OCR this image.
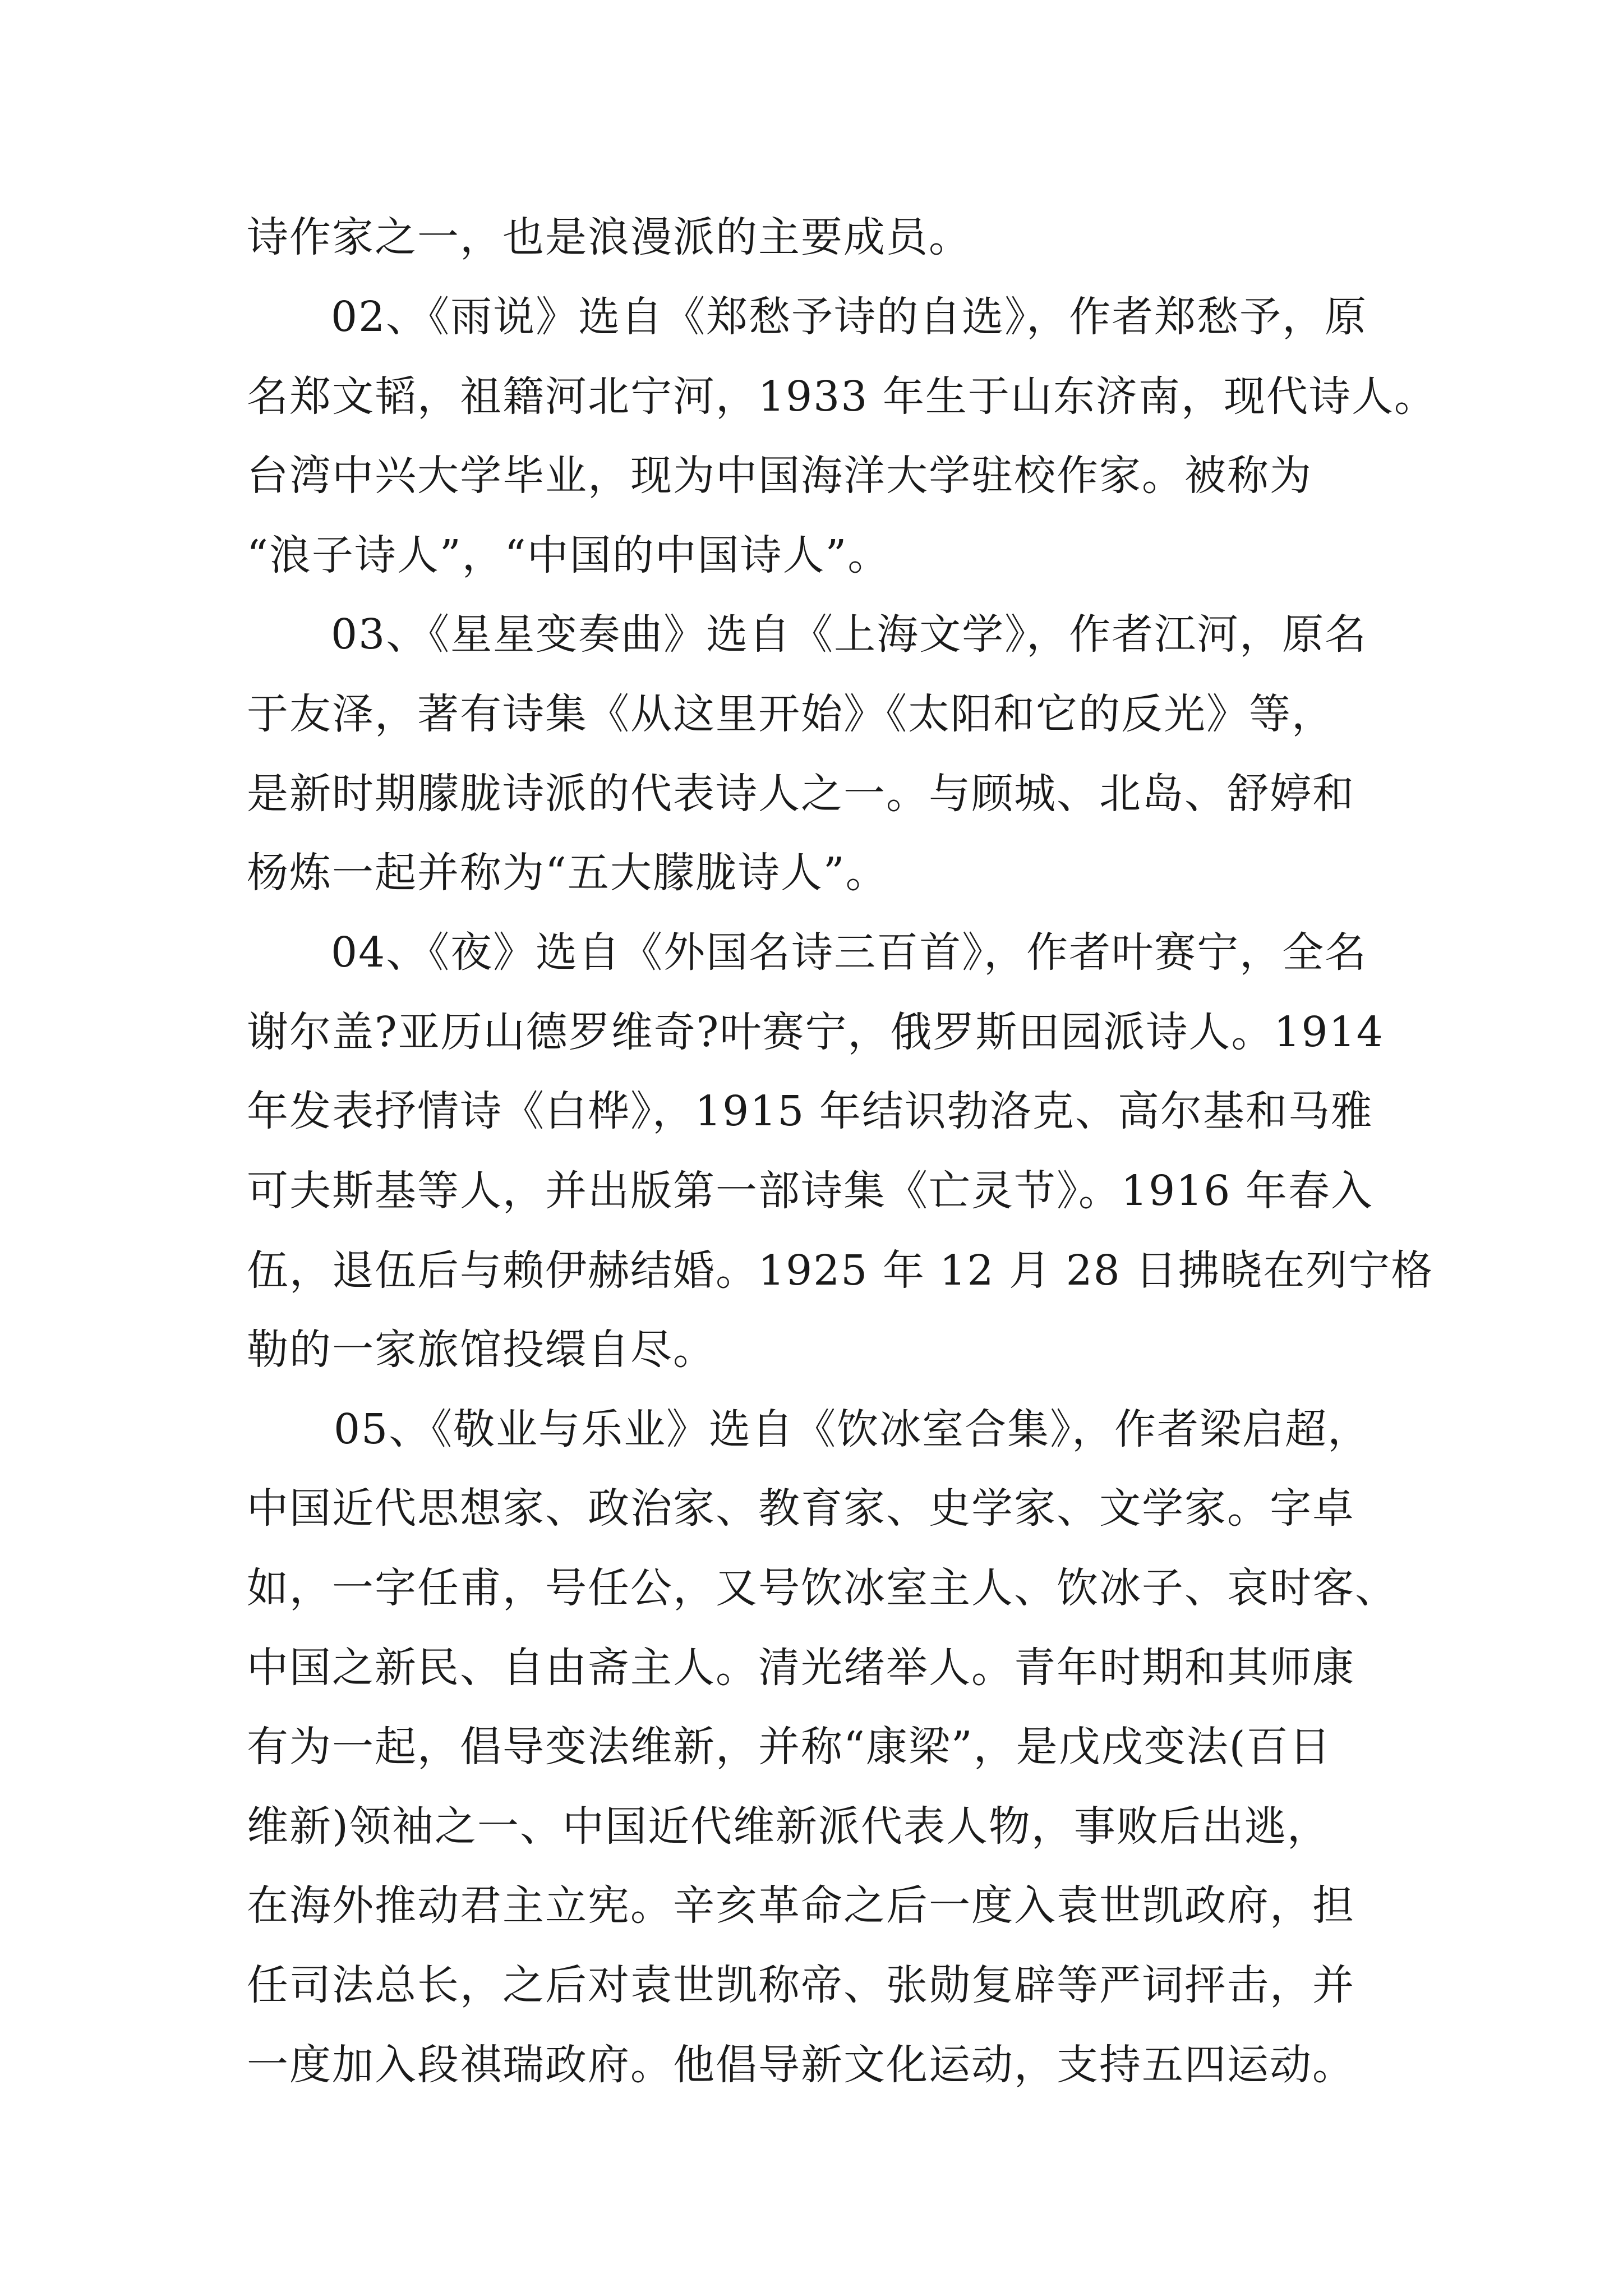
诗作家之一，也是浪漫派的主要成员。
02、《雨说》选自《郑愁予诗的自选》，作者郑愁予，原
名郑文韬，祖籍河北宁河，1933 年生于山东济南，现代诗人。
台湾中兴大学毕业，现为中国海洋大学驻校作家。被称为
“浪子诗人”，“中国的中国诗人”。
03、《星星变奏曲》选自《上海文学》，作者江河，原名
于友泽，著有诗集《从这里开始》《太阳和它的反光》等，
是新时期朦胧诗派的代表诗人之一。与顾城、北岛、舒婷和
杨炼一起并称为“五大朦胧诗人”。
04、《夜》选自《外国名诗三百首》，作者叶赛宁，全名
谢尔盖?亚历山德罗维奇?叶赛宁，俄罗斯田园派诗人。1914
年发表抒情诗《白桦》，1915 年结识勃洛克、高尔基和马雅
可夫斯基等人，并出版第一部诗集《亡灵节》。1916 年春入
伍，退伍后与赖伊赫结婚。1925 年 12 月 28 日拂晓在列宁格
勒的一家旅馆投缳自尽。
05、《敬业与乐业》选自《饮冰室合集》，作者梁启超，
中国近代思想家、政治家、教育家、史学家、文学家。字卓
如，一字任甫，号任公，又号饮冰室主人、饮冰子、哀时客、
中国之新民、自由斋主人。清光绪举人。青年时期和其师康
有为一起，倡导变法维新，并称“康梁”，是戊戌变法(百日
维新)领袖之一、中国近代维新派代表人物，事败后出逃，
在海外推动君主立宪。辛亥革命之后一度入袁世凯政府，担
任司法总长，之后对袁世凯称帝、张勋复辟等严词抨击，并
一度加入段祺瑞政府。他倡导新文化运动，支持五四运动。
